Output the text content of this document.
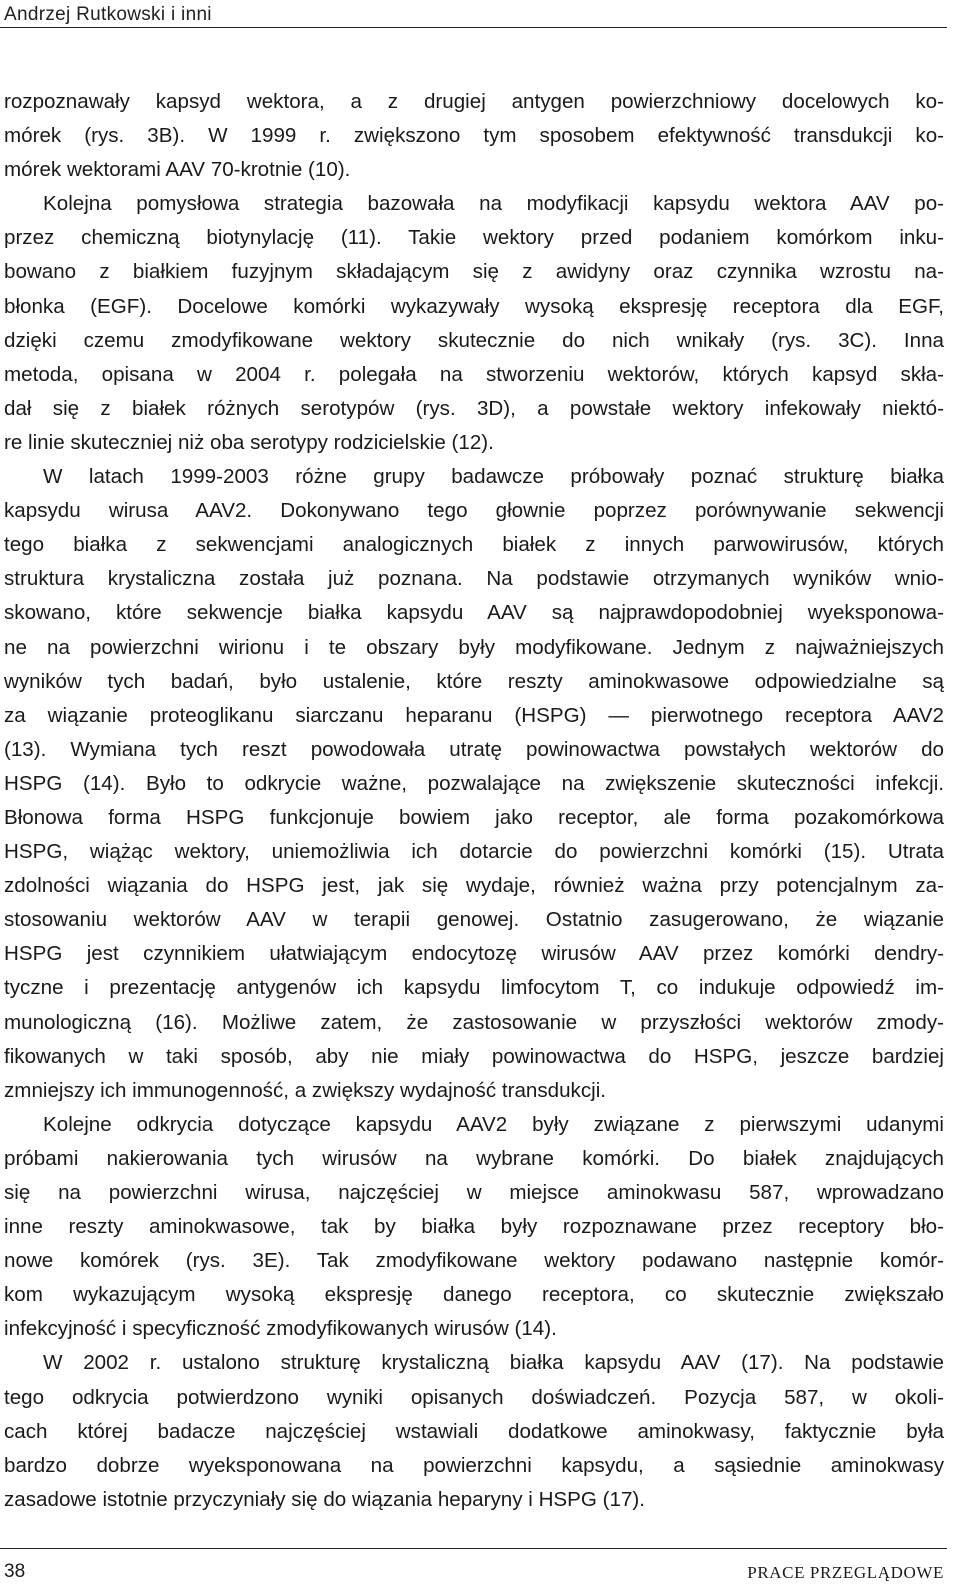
Andrzej Rutkowski i inni

rozpoznawały kapsyd wektora, a z drugiej antygen powierzchniowy docelowych ko-
mórek (rys. 3B). W 1999 r. zwiększono tym sposobem efektywność transdukcji ko-
mórek wektorami AAV 70-krotnie (10).

Kolejna pomysłowa strategia bazowała na modyfikacji kapsydu wektora AAV po-
przez chemiczną biotynylację (11). Takie wektory przed podaniem komórkom inku-
bowano z białkiem fuzyjnym składającym się z awidyny oraz czynnika wzrostu na-
błonka (EGF). Docelowe komórki wykazywały wysoką ekspresję receptora dla EGF,
dzięki czemu zmodyfikowane wektory skutecznie do nich wnikały (rys. 3C). Inna
metoda, opisana w 2004 r. polegała na stworzeniu wektorów, których kapsyd skła-
dał się z białek różnych serotypów (rys. 3D), a powstałe wektory infekowały niektó-
re linie skuteczniej niż oba serotypy rodzicielskie (12).

W latach 1999-2003 różne grupy badawcze próbowały poznać strukturę białka
kapsydu wirusa AAV2. Dokonywano tego głownie poprzez porównywanie sekwencji
tego białka z sekwencjami analogicznych białek z innych parwowirusów, których
struktura krystaliczna została już poznana. Na podstawie otrzymanych wyników wnio-
skowano, które sekwencje białka kapsydu AAV są najprawdopodobniej wyeksponowa-
ne na powierzchni wirionu i te obszary były modyfikowane. Jednym z najważniejszych
wyników tych badań, było ustalenie, które reszty aminokwasowe odpowiedzialne są
za wiązanie proteoglikanu siarczanu heparanu (HSPG) — pierwotnego receptora AAV2
(13). Wymiana tych reszt powodowała utratę powinowactwa powstałych wektorów do
HSPG (14). Było to odkrycie ważne, pozwalające na zwiększenie skuteczności infekcji.
Błonowa forma HSPG funkcjonuje bowiem jako receptor, ale forma pozakomórkowa
HSPG, wiążąc wektory, uniemożliwia ich dotarcie do powierzchni komórki (15). Utrata
zdolności wiązania do HSPG jest, jak się wydaje, również ważna przy potencjalnym za-
stosowaniu wektorów AAV w terapii genowej. Ostatnio zasugerowano, że wiązanie
HSPG jest czynnikiem ułatwiającym endocytozę wirusów AAV przez komórki dendry-
tyczne i prezentację antygenów ich kapsydu limfocytom T, co indukuje odpowiedź im-
munologiczną (16). Możliwe zatem, że zastosowanie w przyszłości wektorów zmody-
fikowanych w taki sposób, aby nie miały powinowactwa do HSPG, jeszcze bardziej
zmniejszy ich immunogenność, a zwiększy wydajność transdukcji.

Kolejne odkrycia dotyczące kapsydu AAV2 były związane z pierwszymi udanymi
próbami nakierowania tych wirusów na wybrane komórki. Do białek znajdujących
się na powierzchni wirusa, najczęściej w miejsce aminokwasu 587, wprowadzano
inne reszty aminokwasowe, tak by białka były rozpoznawane przez receptory bło-
nowe komórek (rys. 3E). Tak zmodyfikowane wektory podawano następnie komór-
kom wykazującym wysoką ekspresję danego receptora, co skutecznie zwiększało
infekcyjność i specyficzność zmodyfikowanych wirusów (14).

W 2002 r. ustalono strukturę krystaliczną białka kapsydu AAV (17). Na podstawie
tego odkrycia potwierdzono wyniki opisanych doświadczeń. Pozycja 587, w okoli-
cach której badacze najczęściej wstawiali dodatkowe aminokwasy, faktycznie była
bardzo dobrze wyeksponowana na powierzchni kapsydu, a sąsiednie aminokwasy
zasadowe istotnie przyczyniały się do wiązania heparyny i HSPG (17).

38	PRACE PRZEGLĄDOWE
